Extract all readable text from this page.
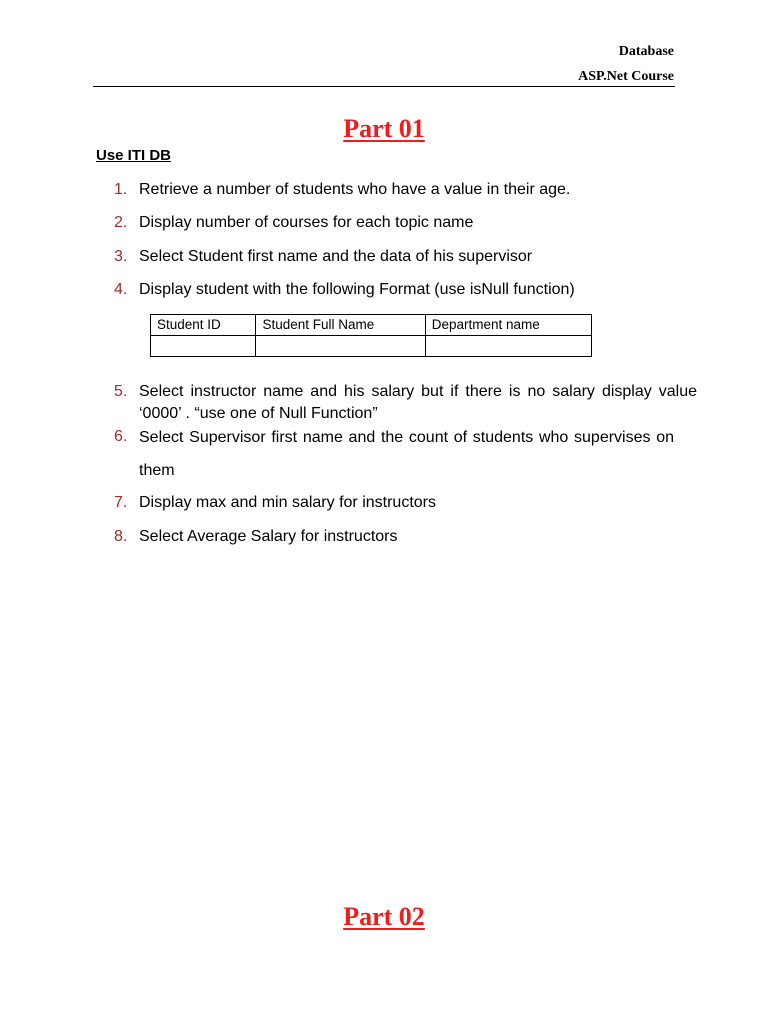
Database
ASP.Net Course
Part 01
Use ITI DB
1. Retrieve a number of students who have a value in their age.
2. Display number of courses for each topic name
3. Select Student first name and the data of his supervisor
4. Display student with the following Format (use isNull function)
Student ID	Student Full Name	Department name

5. Select instructor name and his salary but if there is no salary display value ‘0000’ . “use one of Null Function”
6. Select Supervisor first name and the count of students who supervises on them
7. Display max and min salary for instructors
8. Select Average Salary for instructors
Part 02
